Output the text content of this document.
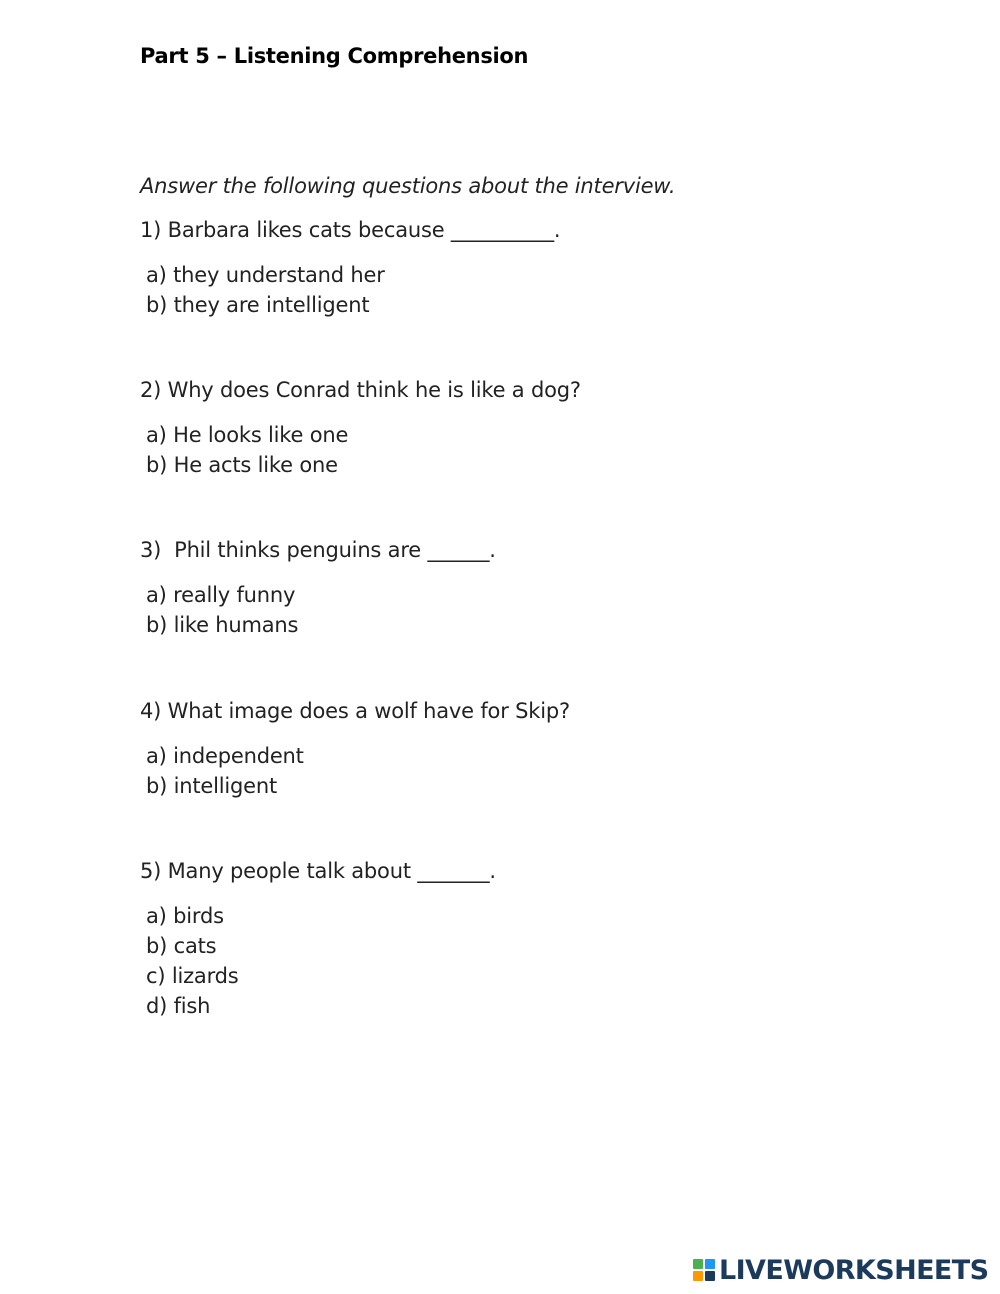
Part 5 – Listening Comprehension
Answer the following questions about the interview.
1) Barbara likes cats because __________.
a) they understand her
b) they are intelligent
2) Why does Conrad think he is like a dog?
a) He looks like one
b) He acts like one
3)  Phil thinks penguins are ______.
a) really funny
b) like humans
4) What image does a wolf have for Skip?
a) independent
b) intelligent
5) Many people talk about _______.
a) birds
b) cats
c) lizards
d) fish
LIVEWORKSHEETS
